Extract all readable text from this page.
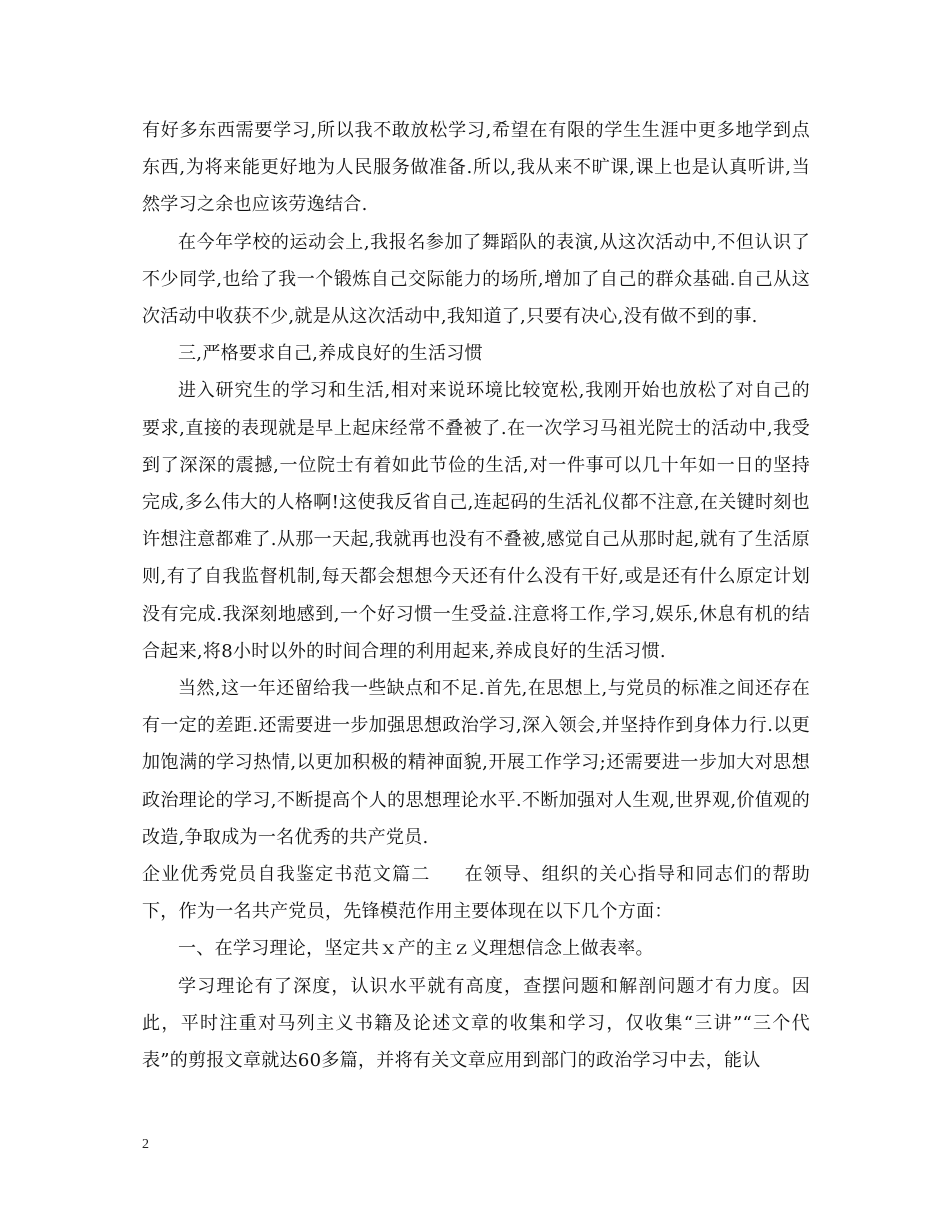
有好多东西需要学习,所以我不敢放松学习,希望在有限的学生生涯中更多地学到点东西,为将来能更好地为人民服务做准备.所以,我从来不旷课,课上也是认真听讲,当然学习之余也应该劳逸结合.

在今年学校的运动会上,我报名参加了舞蹈队的表演,从这次活动中,不但认识了不少同学,也给了我一个锻炼自己交际能力的场所,增加了自己的群众基础.自己从这次活动中收获不少,就是从这次活动中,我知道了,只要有决心,没有做不到的事.

三,严格要求自己,养成良好的生活习惯

进入研究生的学习和生活,相对来说环境比较宽松,我刚开始也放松了对自己的要求,直接的表现就是早上起床经常不叠被了.在一次学习马祖光院士的活动中,我受到了深深的震撼,一位院士有着如此节俭的生活,对一件事可以几十年如一日的坚持完成,多么伟大的人格啊!这使我反省自己,连起码的生活礼仪都不注意,在关键时刻也许想注意都难了.从那一天起,我就再也没有不叠被,感觉自己从那时起,就有了生活原则,有了自我监督机制,每天都会想想今天还有什么没有干好,或是还有什么原定计划没有完成.我深刻地感到,一个好习惯一生受益.注意将工作,学习,娱乐,休息有机的结合起来,将8小时以外的时间合理的利用起来,养成良好的生活习惯.

当然,这一年还留给我一些缺点和不足.首先,在思想上,与党员的标准之间还存在有一定的差距.还需要进一步加强思想政治学习,深入领会,并坚持作到身体力行.以更加饱满的学习热情,以更加积极的精神面貌,开展工作学习;还需要进一步加大对思想政治理论的学习,不断提高个人的思想理论水平.不断加强对人生观,世界观,价值观的改造,争取成为一名优秀的共产党员.

企业优秀党员自我鉴定书范文篇二 在领导、组织的关心指导和同志们的帮助下，作为一名共产党员，先锋模范作用主要体现在以下几个方面：

一、在学习理论，坚定共ｘ产的主ｚ义理想信念上做表率。

学习理论有了深度，认识水平就有高度，查摆问题和解剖问题才有力度。因此，平时注重对马列主义书籍及论述文章的收集和学习，仅收集“三讲”“三个代表”的剪报文章就达60多篇，并将有关文章应用到部门的政治学习中去，能认

2
